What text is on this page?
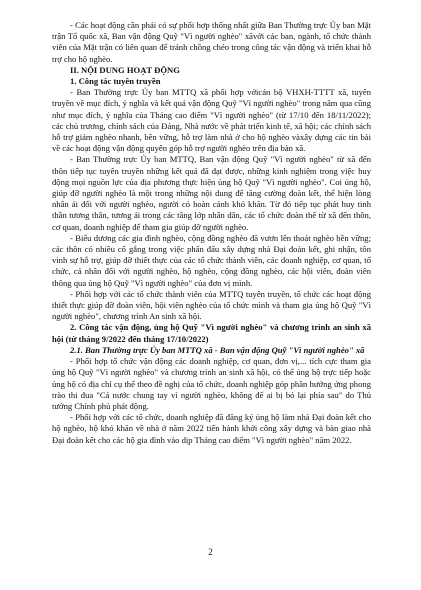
- Các hoạt động cần phải có sự phối hợp thống nhất giữa Ban Thường trực Ủy ban Mặt trận Tổ quốc xã, Ban vận động Quỹ "Vì người nghèo" xãvới các ban, ngành, tổ chức thành viên của Mặt trận có liên quan để tránh chồng chéo trong công tác vận động và triển khai hỗ trợ cho hộ nghèo.

II. NỘI DUNG HOẠT ĐỘNG

1. Công tác tuyên truyền

- Ban Thường trực Ủy ban MTTQ xã phối hợp vớicán bộ VHXH-TTTT xã, tuyên truyền về mục đích, ý nghĩa và kết quả vận động Quỹ "Vì người nghèo" trong năm qua cũng như mục đích, ý nghĩa của Tháng cao điểm "Vì người nghèo" (từ 17/10 đến 18/11/2022); các chủ trương, chính sách của Đảng, Nhà nước về phát triển kinh tế, xã hội; các chính sách hỗ trợ giảm nghèo nhanh, bền vững, hỗ trợ làm nhà ở cho hộ nghèo vàxây dựng các tin bài về các hoạt động vận động quyên góp hỗ trợ người nghèo trên địa bàn xã.

- Ban Thường trực Ủy ban MTTQ, Ban vận động Quỹ "Vì người nghèo" từ xã đến thôn tiếp tục tuyên truyền những kết quả đã đạt được, những kinh nghiệm trong việc huy động mọi nguồn lực của địa phương thực hiện ủng hộ Quỹ "Vì người nghèo". Coi ủng hộ, giúp đỡ người nghèo là một trong những nội dung để tăng cường đoàn kết, thể hiện lòng nhân ái đối với người nghèo, người có hoàn cảnh khó khăn. Từ đó tiếp tục phát huy tinh thần tương thân, tương ái trong các tầng lớp nhân dân, các tổ chức đoàn thể từ xã đến thôn, cơ quan, doanh nghiệp để tham gia giúp đỡ người nghèo.

- Biểu dương các gia đình nghèo, cộng đồng nghèo đã vươn lên thoát nghèo bền vững; các thôn có nhiều cố gắng trong việc phấn đấu xây dựng nhà Đại đoàn kết, ghi nhận, tôn vinh sự hỗ trợ, giúp đỡ thiết thực của các tổ chức thành viên, các doanh nghiệp, cơ quan, tổ chức, cá nhân đối với người nghèo, hộ nghèo, cộng đồng nghèo, các hội viên, đoàn viên thông qua ủng hộ Quỹ "Vì người nghèo" của đơn vị mình.

- Phối hợp với các tổ chức thành viên của MTTQ tuyên truyền, tổ chức các hoạt động thiết thực giúp đỡ đoàn viên, hội viên nghèo của tổ chức mình và tham gia ủng hộ Quỹ "Vì người nghèo", chương trình An sinh xã hội.

2. Công tác vận động, ủng hộ Quỹ "Vì người nghèo" và chương trình an sinh xã hội (từ tháng 9/2022 đến tháng 17/10/2022)

2.1. Ban Thường trực Ủy ban MTTQ xã - Ban vận động Quỹ "Vì người nghèo" xã

- Phối hợp tổ chức vận động các doanh nghiệp, cơ quan, đơn vị,... tích cực tham gia ủng hộ Quỹ "Vì người nghèo" và chương trình an sinh xã hội, có thể ủng hộ trực tiếp hoặc ủng hộ có địa chỉ cụ thể theo đề nghị của tổ chức, doanh nghiệp góp phần hướng ứng phong trào thi đua "Cả nước chung tay vì người nghèo, không để ai bị bỏ lại phía sau" do Thủ tướng Chính phủ phát động.

- Phối hợp với các tổ chức, doanh nghiệp đã đăng ký ủng hộ làm nhà Đại đoàn kết cho hộ nghèo, hộ khó khăn về nhà ở năm 2022 tiến hành khởi công xây dựng và bàn giao nhà Đại đoàn kết cho các hộ gia đình vào dịp Tháng cao điểm "Vì người nghèo" năm 2022.

2
